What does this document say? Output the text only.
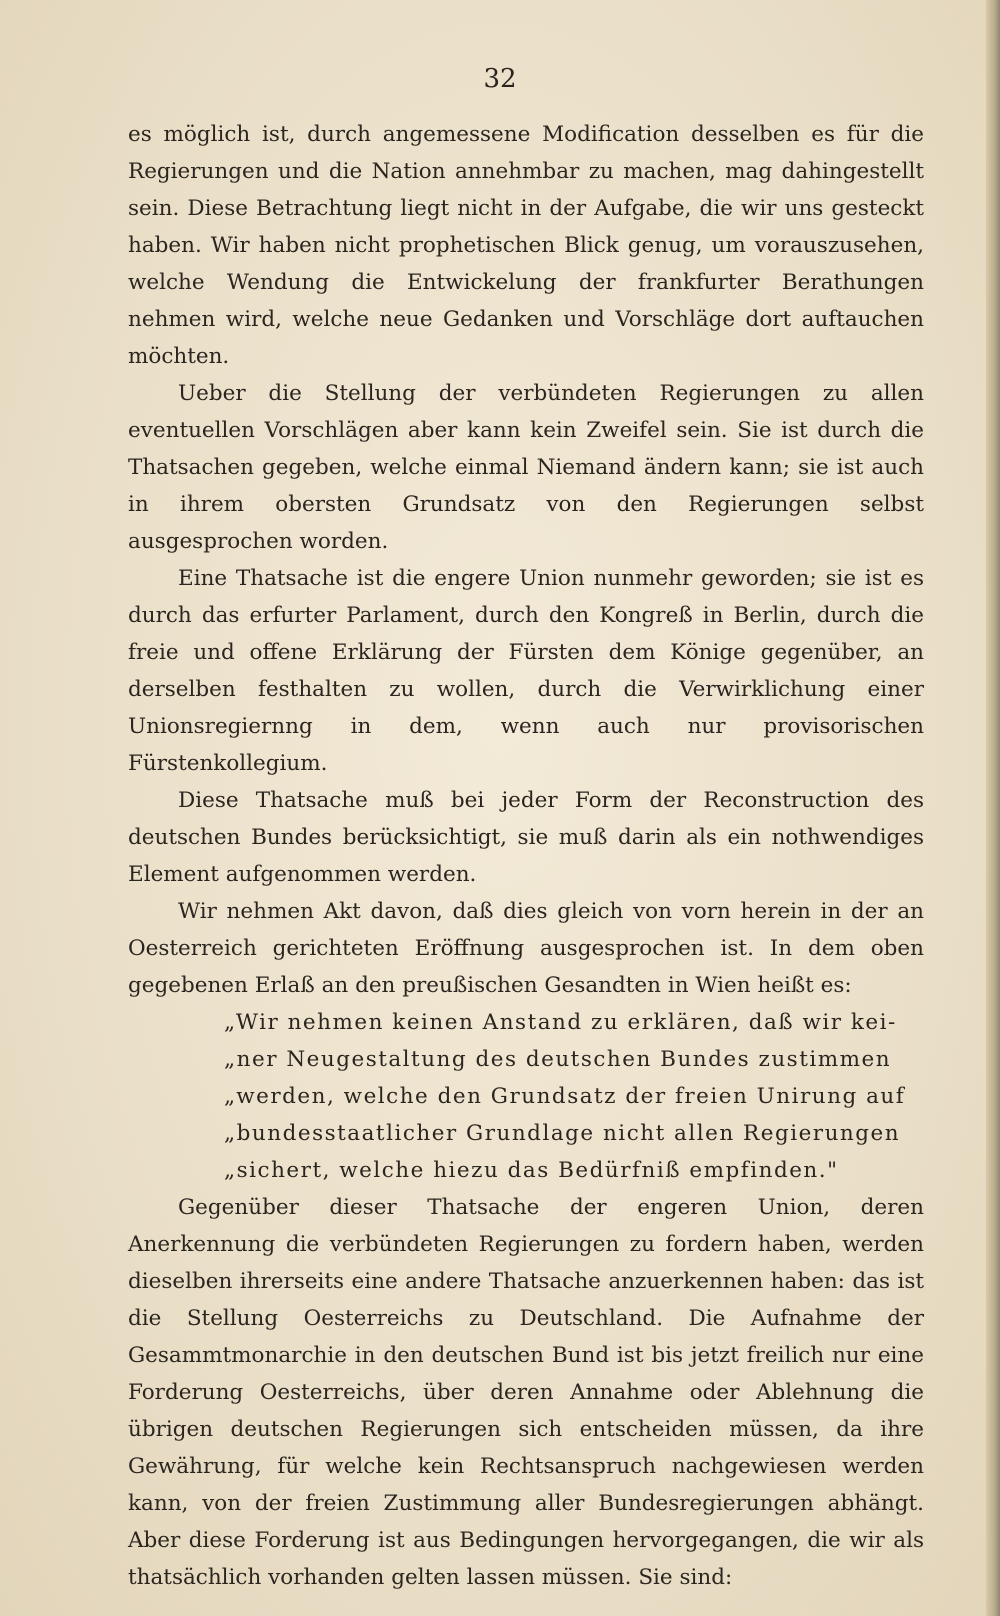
32

es möglich ist, durch angemessene Modification desselben es für die Regierungen und die Nation annehmbar zu machen, mag dahingestellt sein. Diese Betrachtung liegt nicht in der Aufgabe, die wir uns gesteckt haben. Wir haben nicht prophetischen Blick genug, um vorauszusehen, welche Wendung die Entwickelung der frankfurter Berathungen nehmen wird, welche neue Gedanken und Vorschläge dort auftauchen möchten.

Ueber die Stellung der verbündeten Regierungen zu allen eventuellen Vorschlägen aber kann kein Zweifel sein. Sie ist durch die Thatsachen gegeben, welche einmal Niemand ändern kann; sie ist auch in ihrem obersten Grundsatz von den Regierungen selbst ausgesprochen worden.

Eine Thatsache ist die engere Union nunmehr geworden; sie ist es durch das erfurter Parlament, durch den Kongreß in Berlin, durch die freie und offene Erklärung der Fürsten dem Könige gegenüber, an derselben festhalten zu wollen, durch die Verwirklichung einer Unionsregiernng in dem, wenn auch nur provisorischen Fürstenkollegium.

Diese Thatsache muß bei jeder Form der Reconstruction des deutschen Bundes berücksichtigt, sie muß darin als ein nothwendiges Element aufgenommen werden.

Wir nehmen Akt davon, daß dies gleich von vorn herein in der an Oesterreich gerichteten Eröffnung ausgesprochen ist. In dem oben gegebenen Erlaß an den preußischen Gesandten in Wien heißt es:

„Wir nehmen keinen Anstand zu erklären, daß wir kei-
„ner Neugestaltung des deutschen Bundes zustimmen
„werden, welche den Grundsatz der freien Unirung auf
„bundesstaatlicher Grundlage nicht allen Regierungen
„sichert, welche hiezu das Bedürfniß empfinden."

Gegenüber dieser Thatsache der engeren Union, deren Anerkennung die verbündeten Regierungen zu fordern haben, werden dieselben ihrerseits eine andere Thatsache anzuerkennen haben: das ist die Stellung Oesterreichs zu Deutschland. Die Aufnahme der Gesammtmonarchie in den deutschen Bund ist bis jetzt freilich nur eine Forderung Oesterreichs, über deren Annahme oder Ablehnung die übrigen deutschen Regierungen sich entscheiden müssen, da ihre Gewährung, für welche kein Rechtsanspruch nachgewiesen werden kann, von der freien Zustimmung aller Bundesregierungen abhängt. Aber diese Forderung ist aus Bedingungen hervorgegangen, die wir als thatsächlich vorhanden gelten lassen müssen. Sie sind:
